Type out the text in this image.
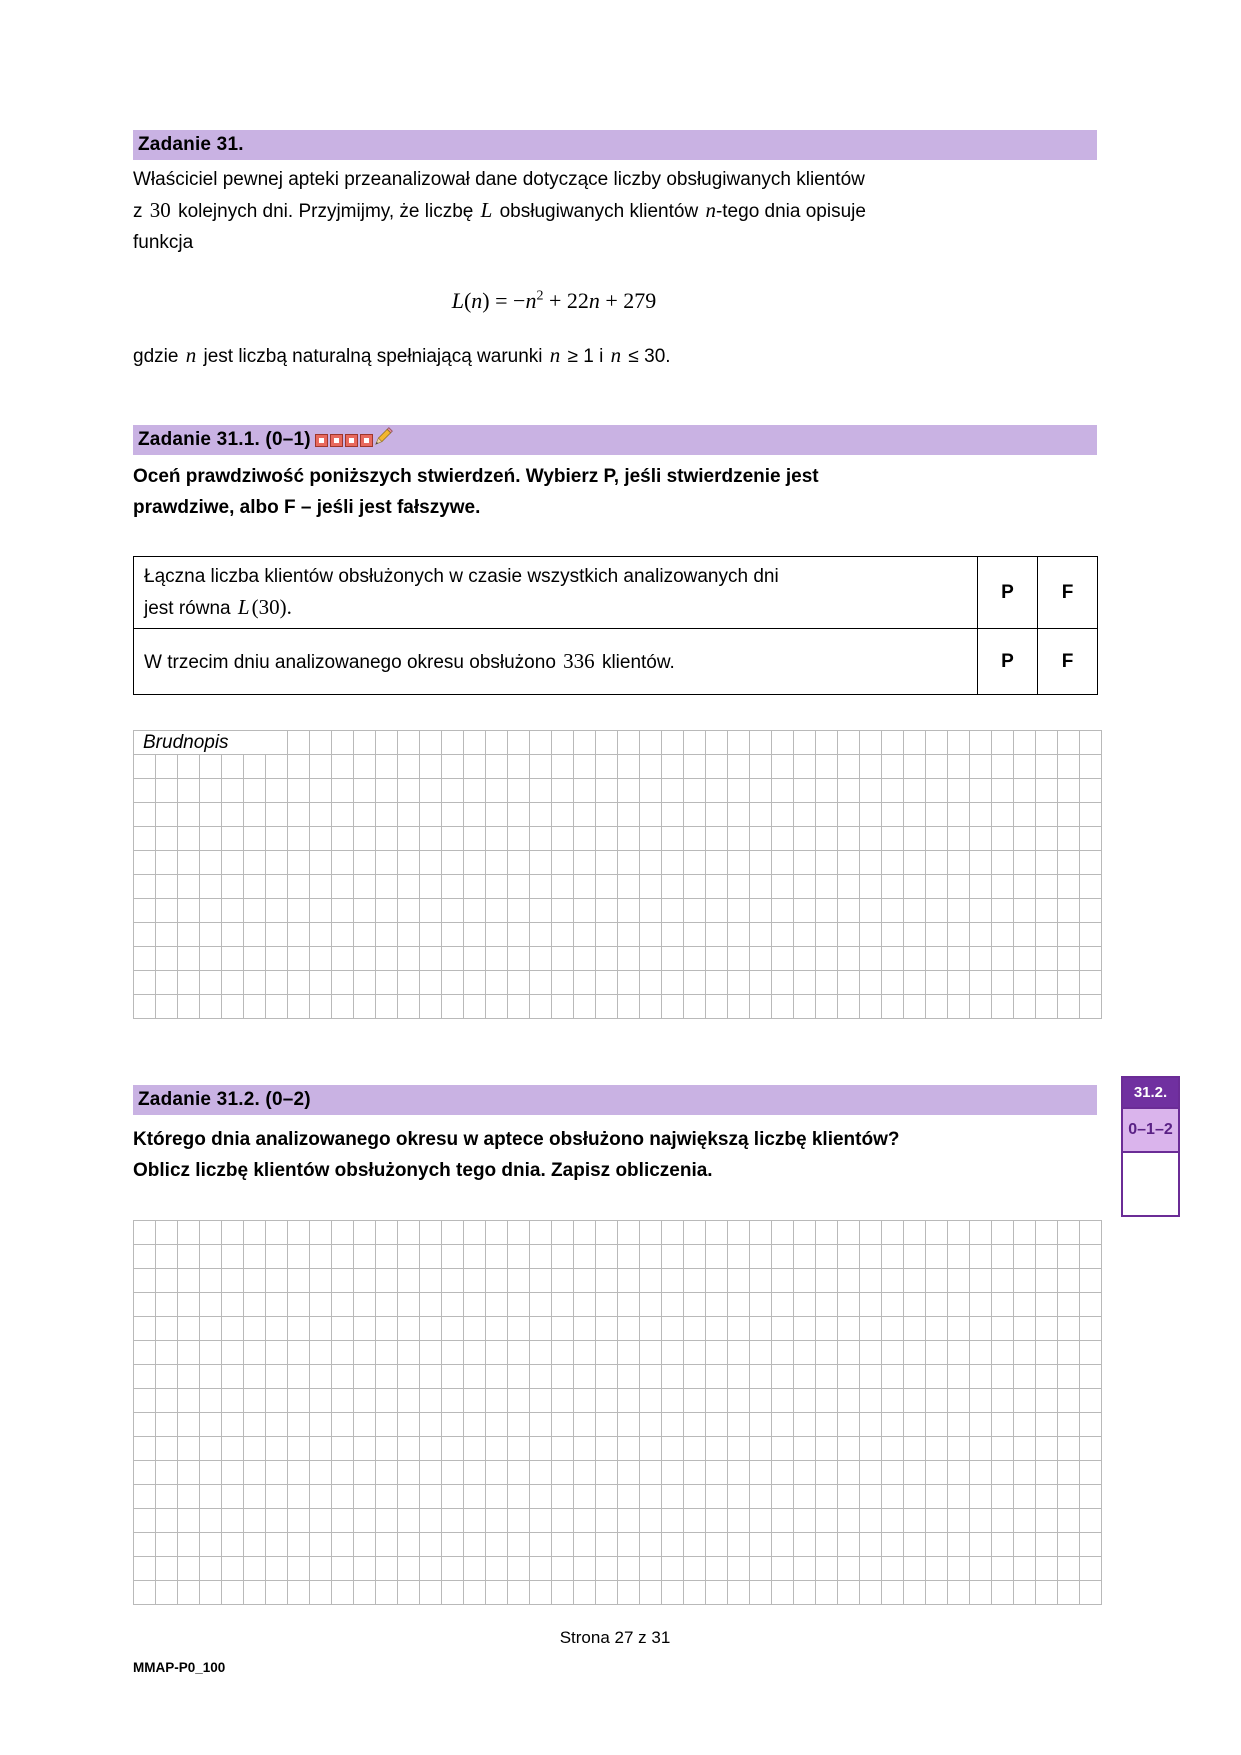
Zadanie 31.
Właściciel pewnej apteki przeanalizował dane dotyczące liczby obsługiwanych klientów
z 30 kolejnych dni. Przyjmijmy, że liczbę L obsługiwanych klientów n-tego dnia opisuje
funkcja
$L(n) = -n^2 + 22n + 279$
gdzie n jest liczbą naturalną spełniającą warunki n ≥ 1 i n ≤ 30.
Zadanie 31.1. (0–1)
Oceń prawdziwość poniższych stwierdzeń. Wybierz P, jeśli stwierdzenie jest
prawdziwe, albo F – jeśli jest fałszywe.
Łączna liczba klientów obsłużonych w czasie wszystkich analizowanych dni
jest równa L(30).	P	F
W trzecim dniu analizowanego okresu obsłużono 336 klientów.	P	F
Brudnopis
Zadanie 31.2. (0–2)	31.2.
0–1–2
Którego dnia analizowanego okresu w aptece obsłużono największą liczbę klientów?
Oblicz liczbę klientów obsłużonych tego dnia. Zapisz obliczenia.
Strona 27 z 31
MMAP-P0_100
